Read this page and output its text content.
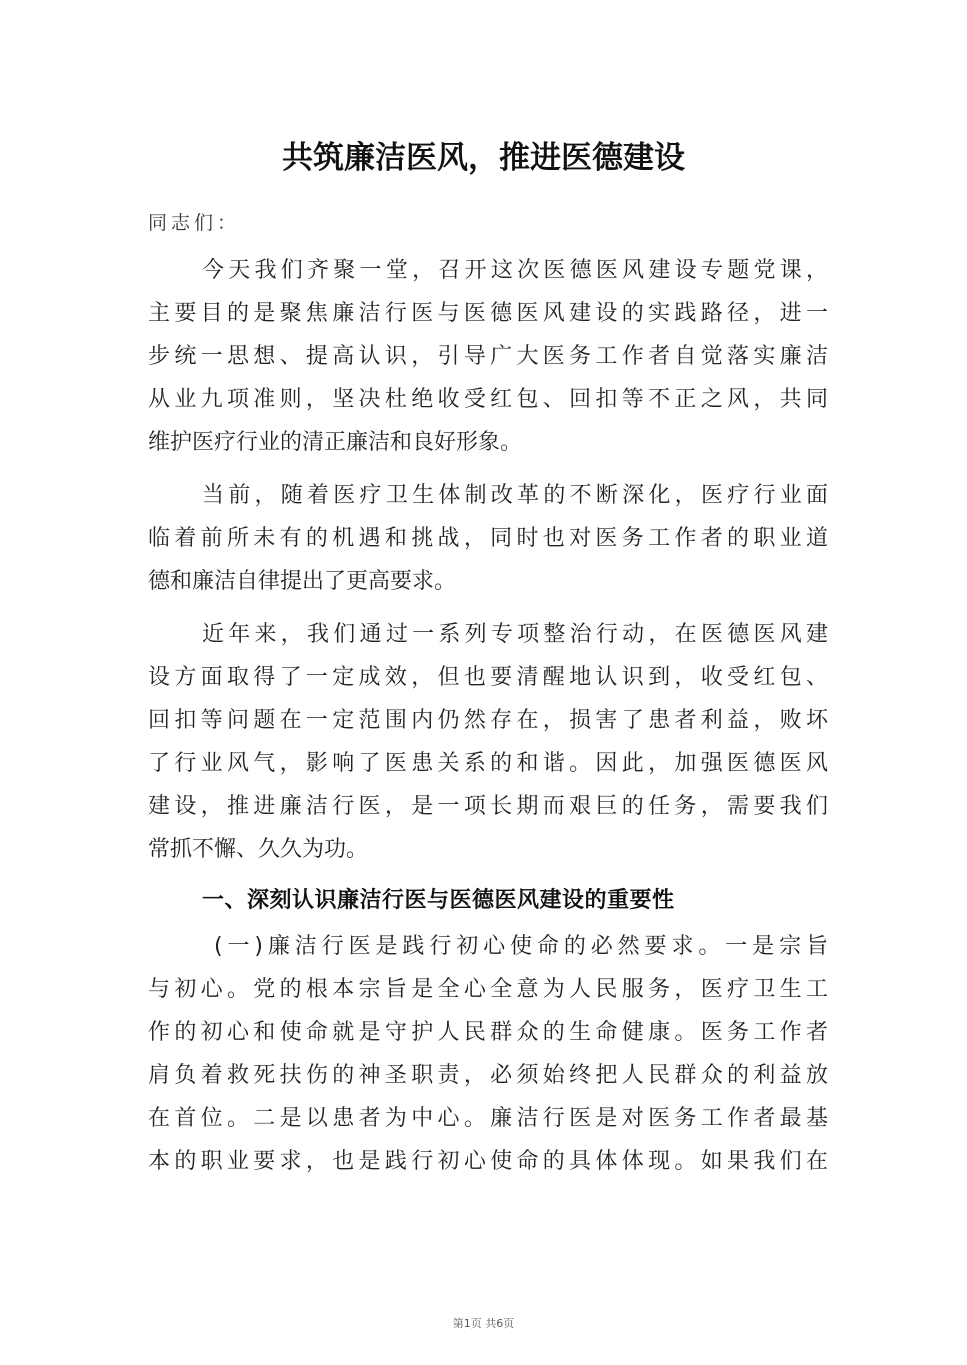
共筑廉洁医风，推进医德建设
同志们：
今天我们齐聚一堂，召开这次医德医风建设专题党课，
主要目的是聚焦廉洁行医与医德医风建设的实践路径，进一
步统一思想、提高认识，引导广大医务工作者自觉落实廉洁
从业九项准则，坚决杜绝收受红包、回扣等不正之风，共同
维护医疗行业的清正廉洁和良好形象。
当前，随着医疗卫生体制改革的不断深化，医疗行业面
临着前所未有的机遇和挑战，同时也对医务工作者的职业道
德和廉洁自律提出了更高要求。
近年来，我们通过一系列专项整治行动，在医德医风建
设方面取得了一定成效，但也要清醒地认识到，收受红包、
回扣等问题在一定范围内仍然存在，损害了患者利益，败坏
了行业风气，影响了医患关系的和谐。因此，加强医德医风
建设，推进廉洁行医，是一项长期而艰巨的任务，需要我们
常抓不懈、久久为功。
一、深刻认识廉洁行医与医德医风建设的重要性
(一)廉洁行医是践行初心使命的必然要求。一是宗旨
与初心。党的根本宗旨是全心全意为人民服务，医疗卫生工
作的初心和使命就是守护人民群众的生命健康。医务工作者
肩负着救死扶伤的神圣职责，必须始终把人民群众的利益放
在首位。二是以患者为中心。廉洁行医是对医务工作者最基
本的职业要求，也是践行初心使命的具体体现。如果我们在
第1页 共6页
